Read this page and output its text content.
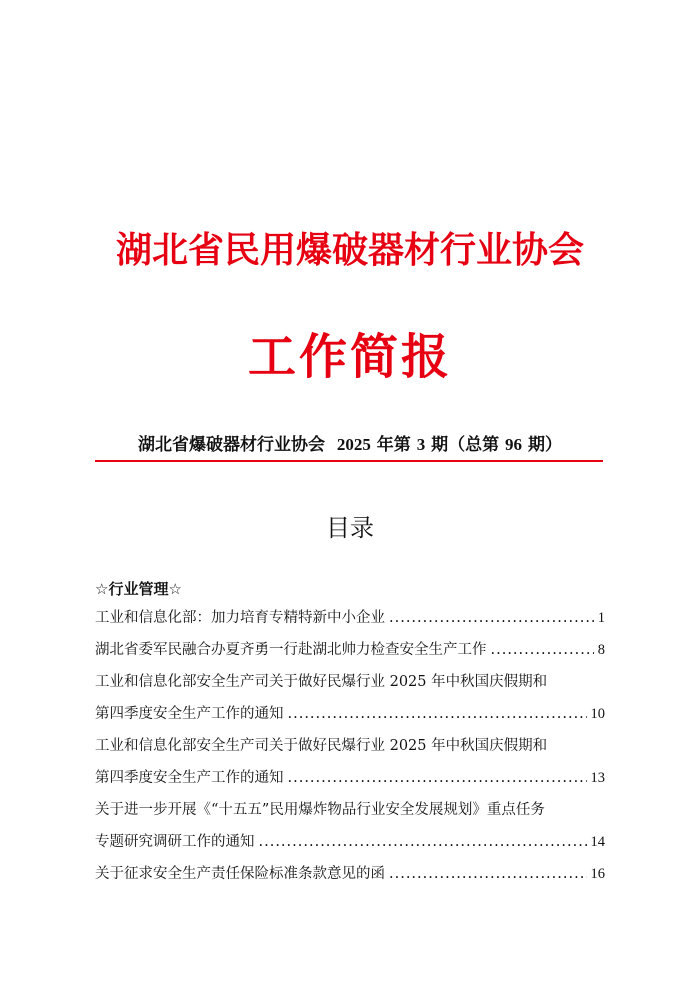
湖北省民用爆破器材行业协会
工作简报
湖北省爆破器材行业协会 2025 年第 3 期（总第 96 期）
目录
☆行业管理☆
工业和信息化部：加力培育专精特新中小企业 .....	1
湖北省委军民融合办夏齐勇一行赴湖北帅力检查安全生产工作 .....	8
工业和信息化部安全生产司关于做好民爆行业 2025 年中秋国庆假期和
第四季度安全生产工作的通知 .....	10
工业和信息化部安全生产司关于做好民爆行业 2025 年中秋国庆假期和
第四季度安全生产工作的通知 .....	13
关于进一步开展《“十五五”民用爆炸物品行业安全发展规划》重点任务
专题研究调研工作的通知 .....	14
关于征求安全生产责任保险标准条款意见的函 .....	16
